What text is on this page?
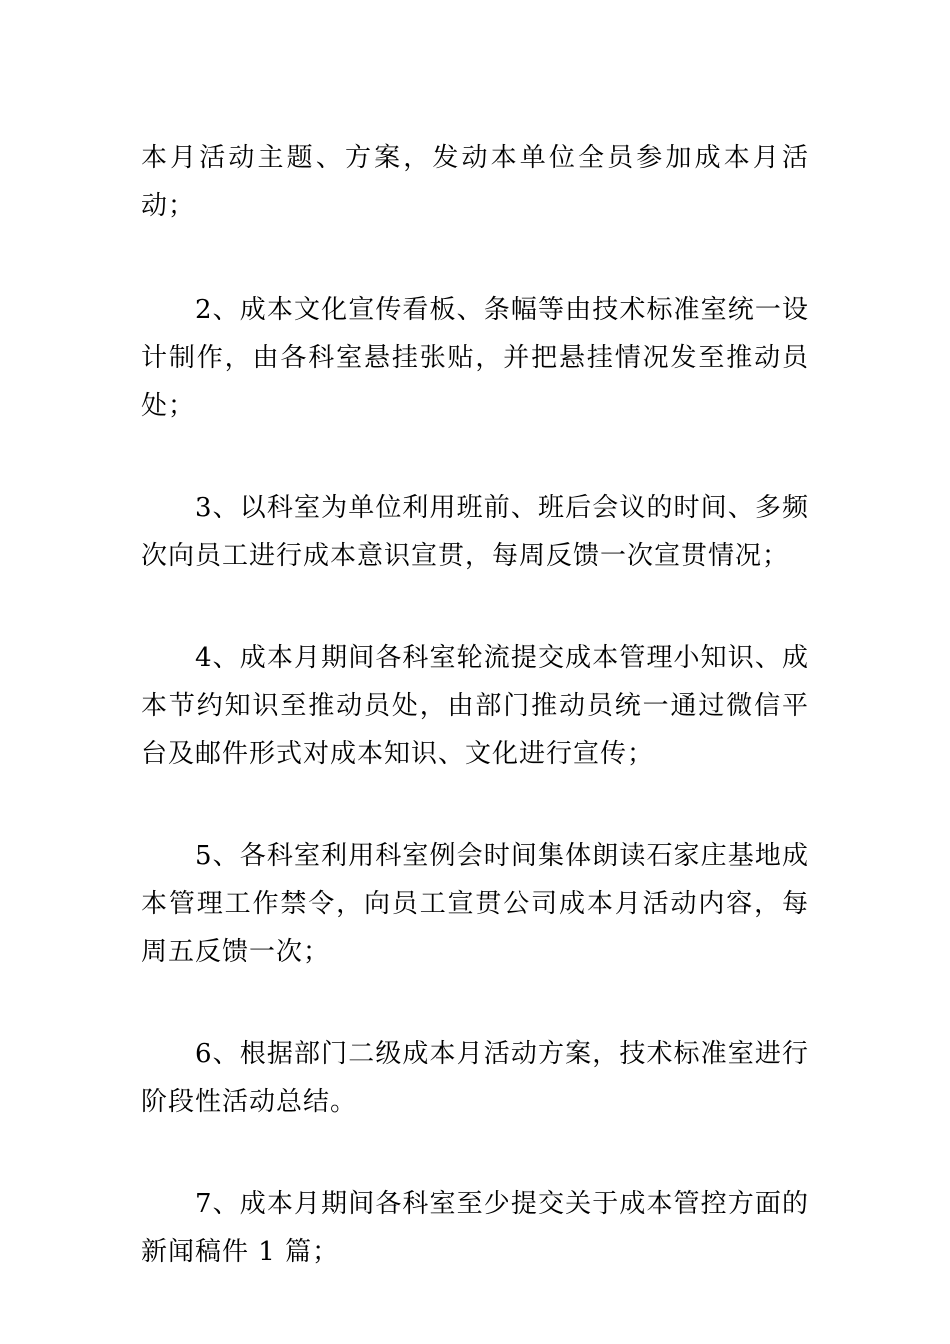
本月活动主题、方案，发动本单位全员参加成本月活动；

2、成本文化宣传看板、条幅等由技术标准室统一设计制作，由各科室悬挂张贴，并把悬挂情况发至推动员处；

3、以科室为单位利用班前、班后会议的时间、多频次向员工进行成本意识宣贯，每周反馈一次宣贯情况；

4、成本月期间各科室轮流提交成本管理小知识、成本节约知识至推动员处，由部门推动员统一通过微信平台及邮件形式对成本知识、文化进行宣传；

5、各科室利用科室例会时间集体朗读石家庄基地成本管理工作禁令，向员工宣贯公司成本月活动内容，每周五反馈一次；

6、根据部门二级成本月活动方案，技术标准室进行阶段性活动总结。

7、成本月期间各科室至少提交关于成本管控方面的新闻稿件 1 篇；
